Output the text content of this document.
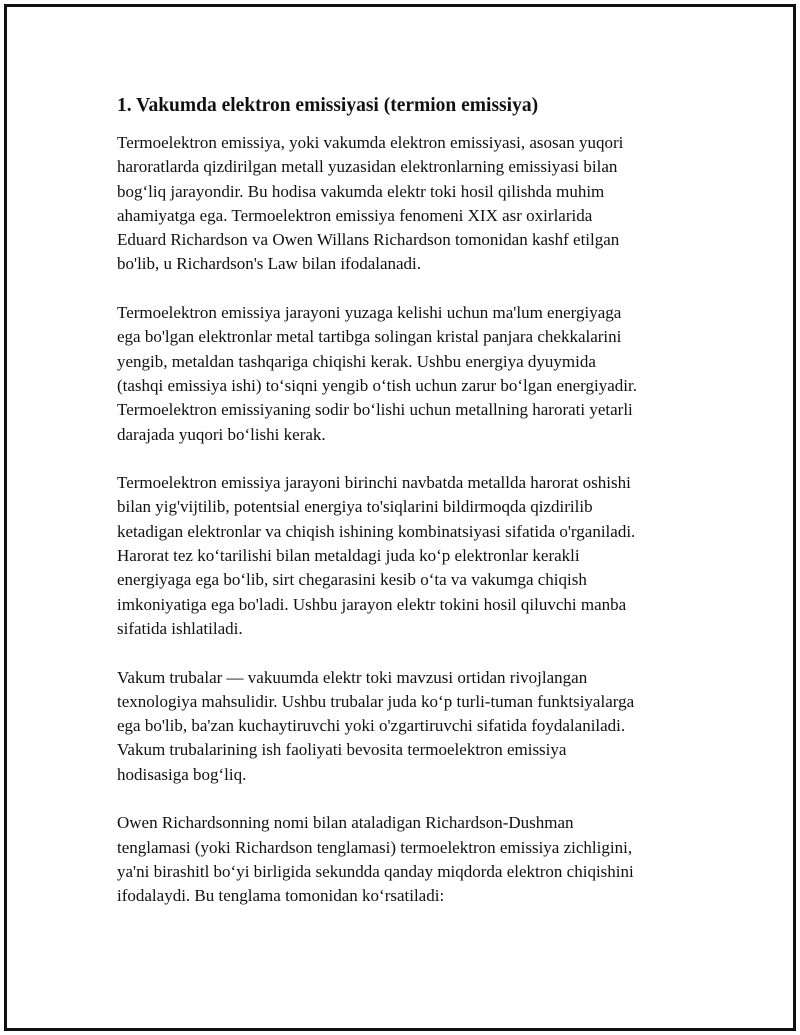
1. Vakumda elektron emissiyasi (termion emissiya)

Termoelektron emissiya, yoki vakumda elektron emissiyasi, asosan yuqori
haroratlarda qizdirilgan metall yuzasidan elektronlarning emissiyasi bilan
bog‘liq jarayondir. Bu hodisa vakumda elektr toki hosil qilishda muhim
ahamiyatga ega. Termoelektron emissiya fenomeni XIX asr oxirlarida
Eduard Richardson va Owen Willans Richardson tomonidan kashf etilgan
bo'lib, u Richardson's Law bilan ifodalanadi.

Termoelektron emissiya jarayoni yuzaga kelishi uchun ma'lum energiyaga
ega bo'lgan elektronlar metal tartibga solingan kristal panjara chekkalarini
yengib, metaldan tashqariga chiqishi kerak. Ushbu energiya dyuymida
(tashqi emissiya ishi) to‘siqni yengib o‘tish uchun zarur bo‘lgan energiyadir.
Termoelektron emissiyaning sodir bo‘lishi uchun metallning harorati yetarli
darajada yuqori bo‘lishi kerak.

Termoelektron emissiya jarayoni birinchi navbatda metallda harorat oshishi
bilan yig'vijtilib, potentsial energiya to'siqlarini bildirmoqda qizdirilib
ketadigan elektronlar va chiqish ishining kombinatsiyasi sifatida o'rganiladi.
Harorat tez ko‘tarilishi bilan metaldagi juda ko‘p elektronlar kerakli
energiyaga ega bo‘lib, sirt chegarasini kesib o‘ta va vakumga chiqish
imkoniyatiga ega bo'ladi. Ushbu jarayon elektr tokini hosil qiluvchi manba
sifatida ishlatiladi.

Vakum trubalar — vakuumda elektr toki mavzusi ortidan rivojlangan
texnologiya mahsulidir. Ushbu trubalar juda ko‘p turli-tuman funktsiyalarga
ega bo'lib, ba'zan kuchaytiruvchi yoki o'zgartiruvchi sifatida foydalaniladi.
Vakum trubalarining ish faoliyati bevosita termoelektron emissiya
hodisasiga bog‘liq.

Owen Richardsonning nomi bilan ataladigan Richardson-Dushman
tenglamasi (yoki Richardson tenglamasi) termoelektron emissiya zichligini,
ya'ni birashitl bo‘yi birligida sekundda qanday miqdorda elektron chiqishini
ifodalaydi. Bu tenglama tomonidan ko‘rsatiladi:
